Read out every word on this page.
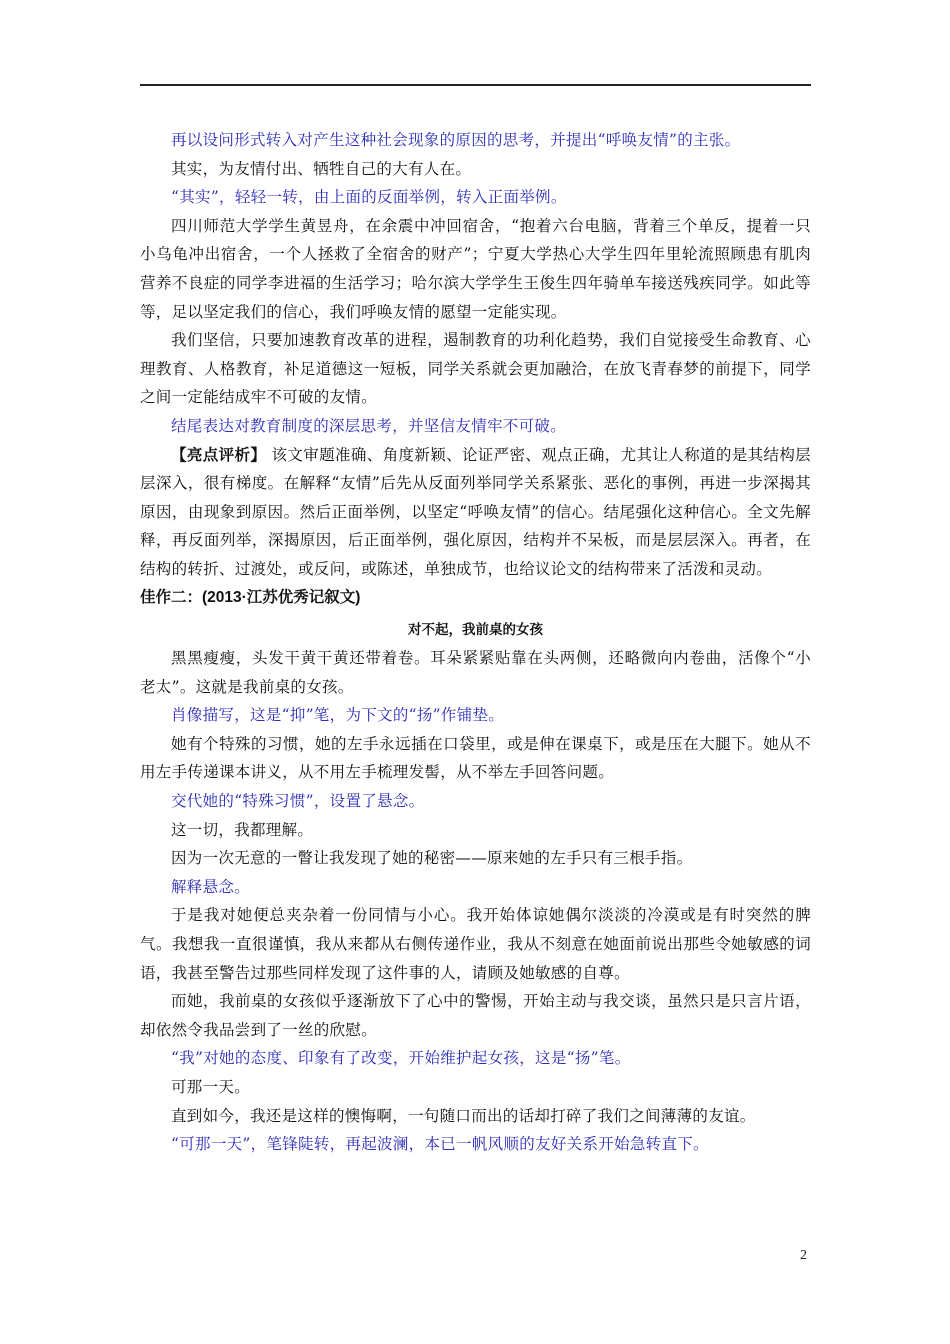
再以设问形式转入对产生这种社会现象的原因的思考，并提出“呼唤友情”的主张。

其实，为友情付出、牺牲自己的大有人在。

“其实”，轻轻一转，由上面的反面举例，转入正面举例。

四川师范大学学生黄昱舟，在余震中冲回宿舍，“抱着六台电脑，背着三个单反，提着一只小乌龟冲出宿舍，一个人拯救了全宿舍的财产”；宁夏大学热心大学生四年里轮流照顾患有肌肉营养不良症的同学李进福的生活学习；哈尔滨大学学生王俊生四年骑单车接送残疾同学。如此等等，足以坚定我们的信心，我们呼唤友情的愿望一定能实现。

我们坚信，只要加速教育改革的进程，遏制教育的功利化趋势，我们自觉接受生命教育、心理教育、人格教育，补足道德这一短板，同学关系就会更加融洽，在放飞青春梦的前提下，同学之间一定能结成牢不可破的友情。

结尾表达对教育制度的深层思考，并坚信友情牢不可破。

【亮点评析】 该文审题准确、角度新颖、论证严密、观点正确，尤其让人称道的是其结构层层深入，很有梯度。在解释“友情”后先从反面列举同学关系紧张、恶化的事例，再进一步深揭其原因，由现象到原因。然后正面举例，以坚定“呼唤友情”的信心。结尾强化这种信心。全文先解释，再反面列举，深揭原因，后正面举例，强化原因，结构并不呆板，而是层层深入。再者，在结构的转折、过渡处，或反问，或陈述，单独成节，也给议论文的结构带来了活泼和灵动。

佳作二：(2013·江苏优秀记叙文)

对不起，我前桌的女孩

黑黑瘦瘦，头发干黄干黄还带着卷。耳朵紧紧贴靠在头两侧，还略微向内卷曲，活像个“小老太”。这就是我前桌的女孩。

肖像描写，这是“抑”笔，为下文的“扬”作铺垫。

她有个特殊的习惯，她的左手永远插在口袋里，或是伸在课桌下，或是压在大腿下。她从不用左手传递课本讲义，从不用左手梳理发髻，从不举左手回答问题。

交代她的“特殊习惯”，设置了悬念。

这一切，我都理解。

因为一次无意的一瞥让我发现了她的秘密——原来她的左手只有三根手指。

解释悬念。

于是我对她便总夹杂着一份同情与小心。我开始体谅她偶尔淡淡的冷漠或是有时突然的脾气。我想我一直很谨慎，我从来都从右侧传递作业，我从不刻意在她面前说出那些令她敏感的词语，我甚至警告过那些同样发现了这件事的人，请顾及她敏感的自尊。

而她，我前桌的女孩似乎逐渐放下了心中的警惕，开始主动与我交谈，虽然只是只言片语，却依然令我品尝到了一丝的欣慰。

“我”对她的态度、印象有了改变，开始维护起女孩，这是“扬”笔。

可那一天。

直到如今，我还是这样的懊悔啊，一句随口而出的话却打碎了我们之间薄薄的友谊。

“可那一天”，笔锋陡转，再起波澜，本已一帆风顺的友好关系开始急转直下。

2
